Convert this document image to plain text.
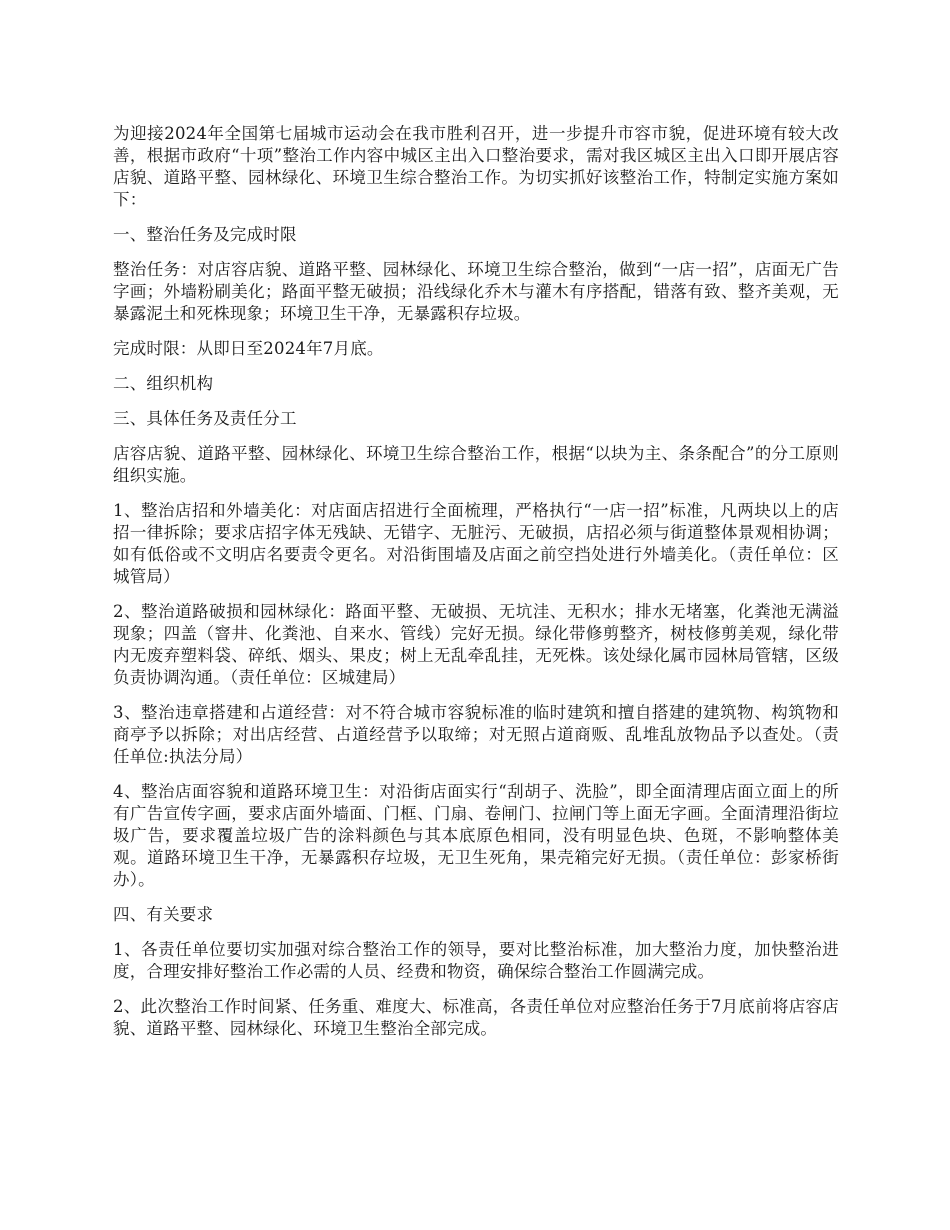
为迎接2024年全国第七届城市运动会在我市胜利召开，进一步提升市容市貌，促进环境有较大改善，根据市政府“十项”整治工作内容中城区主出入口整治要求，需对我区城区主出入口即开展店容店貌、道路平整、园林绿化、环境卫生综合整治工作。为切实抓好该整治工作，特制定实施方案如下：

一、整治任务及完成时限

整治任务：对店容店貌、道路平整、园林绿化、环境卫生综合整治，做到“一店一招”，店面无广告字画；外墙粉刷美化；路面平整无破损；沿线绿化乔木与灌木有序搭配，错落有致、整齐美观，无暴露泥土和死株现象；环境卫生干净，无暴露积存垃圾。

完成时限：从即日至2024年7月底。

二、组织机构

三、具体任务及责任分工

店容店貌、道路平整、园林绿化、环境卫生综合整治工作，根据“以块为主、条条配合”的分工原则组织实施。

1、整治店招和外墙美化：对店面店招进行全面梳理，严格执行“一店一招”标准，凡两块以上的店招一律拆除；要求店招字体无残缺、无错字、无脏污、无破损，店招必须与街道整体景观相协调；如有低俗或不文明店名要责令更名。对沿街围墙及店面之前空挡处进行外墙美化。（责任单位：区城管局）

2、整治道路破损和园林绿化：路面平整、无破损、无坑洼、无积水；排水无堵塞，化粪池无满溢现象；四盖（窨井、化粪池、自来水、管线）完好无损。绿化带修剪整齐，树枝修剪美观，绿化带内无废弃塑料袋、碎纸、烟头、果皮；树上无乱牵乱挂，无死株。该处绿化属市园林局管辖，区级负责协调沟通。（责任单位：区城建局）

3、整治违章搭建和占道经营：对不符合城市容貌标准的临时建筑和擅自搭建的建筑物、构筑物和商亭予以拆除；对出店经营、占道经营予以取缔；对无照占道商贩、乱堆乱放物品予以查处。（责任单位:执法分局）

4、整治店面容貌和道路环境卫生：对沿街店面实行“刮胡子、洗脸”，即全面清理店面立面上的所有广告宣传字画，要求店面外墙面、门框、门扇、卷闸门、拉闸门等上面无字画。全面清理沿街垃圾广告，要求覆盖垃圾广告的涂料颜色与其本底原色相同，没有明显色块、色斑，不影响整体美观。道路环境卫生干净，无暴露积存垃圾，无卫生死角，果壳箱完好无损。（责任单位：彭家桥街办）。

四、有关要求

1、各责任单位要切实加强对综合整治工作的领导，要对比整治标准，加大整治力度，加快整治进度，合理安排好整治工作必需的人员、经费和物资，确保综合整治工作圆满完成。

2、此次整治工作时间紧、任务重、难度大、标准高，各责任单位对应整治任务于7月底前将店容店貌、道路平整、园林绿化、环境卫生整治全部完成。
